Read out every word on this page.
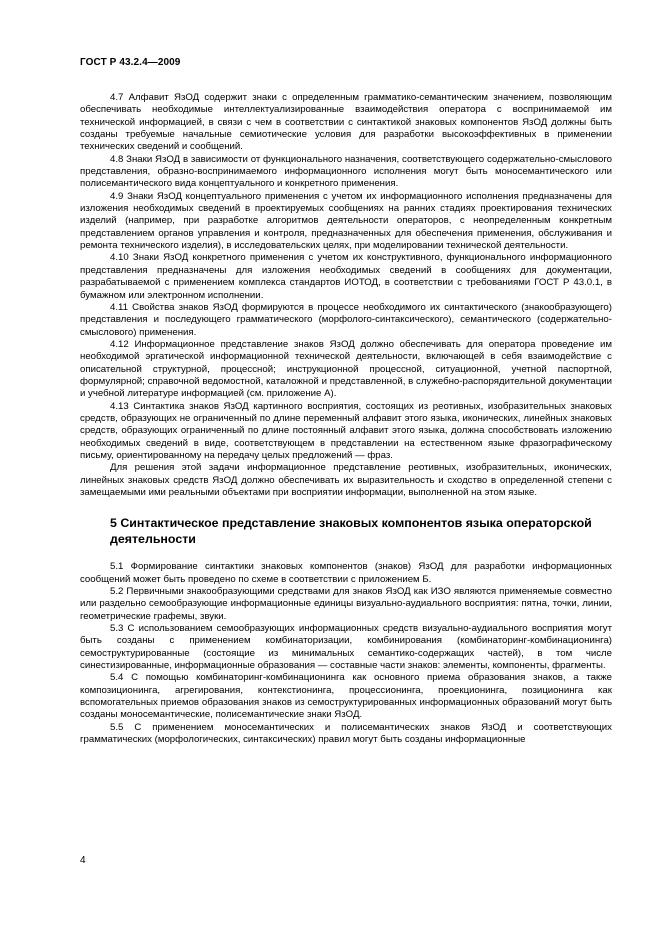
ГОСТ Р 43.2.4—2009

4.7 Алфавит ЯзОД содержит знаки с определенным грамматико-семантическим значением, позволяющим обеспечивать необходимые интеллектуализированные взаимодействия оператора с воспринимаемой им технической информацией, в связи с чем в соответствии с синтактикой знаковых компонентов ЯзОД должны быть созданы требуемые начальные семиотические условия для разработки высокоэффективных в применении технических сведений и сообщений.

4.8 Знаки ЯзОД в зависимости от функционального назначения, соответствующего содержательно-смыслового представления, образно-воспринимаемого информационного исполнения могут быть моносемантического или полисемантического вида концептуального и конкретного применения.

4.9 Знаки ЯзОД концептуального применения с учетом их информационного исполнения предназначены для изложения необходимых сведений в проектируемых сообщениях на ранних стадиях проектирования технических изделий (например, при разработке алгоритмов деятельности операторов, с неопределенным конкретным представлением органов управления и контроля, предназначенных для обеспечения применения, обслуживания и ремонта технического изделия), в исследовательских целях, при моделировании технической деятельности.

4.10 Знаки ЯзОД конкретного применения с учетом их конструктивного, функционального информационного представления предназначены для изложения необходимых сведений в сообщениях для документации, разрабатываемой с применением комплекса стандартов ИОТОД, в соответствии с требованиями ГОСТ Р 43.0.1, в бумажном или электронном исполнении.

4.11 Свойства знаков ЯзОД формируются в процессе необходимого их синтактического (знакообразующего) представления и последующего грамматического (морфолого-синтаксического), семантического (содержательно-смыслового) применения.

4.12 Информационное представление знаков ЯзОД должно обеспечивать для оператора проведение им необходимой эргатической информационной технической деятельности, включающей в себя взаимодействие с описательной структурной, процессной; инструкционной процессной, ситуационной, учетной паспортной, формулярной; справочной ведомостной, каталожной и представленной, в служебно-распорядительной документации и учебной литературе информацией (см. приложение А).

4.13 Синтактика знаков ЯзОД картинного восприятия, состоящих из реотивных, изобразительных знаковых средств, образующих не ограниченный по длине переменный алфавит этого языка, иконических, линейных знаковых средств, образующих ограниченный по длине постоянный алфавит этого языка, должна способствовать изложению необходимых сведений в виде, соответствующем в представлении на естественном языке фразографическому письму, ориентированному на передачу целых предложений — фраз.

Для решения этой задачи информационное представление реотивных, изобразительных, иконических, линейных знаковых средств ЯзОД должно обеспечивать их выразительность и сходство в определенной степени с замещаемыми ими реальными объектами при восприятии информации, выполненной на этом языке.

5 Синтактическое представление знаковых компонентов языка операторской деятельности

5.1 Формирование синтактики знаковых компонентов (знаков) ЯзОД для разработки информационных сообщений может быть проведено по схеме в соответствии с приложением Б.

5.2 Первичными знакообразующими средствами для знаков ЯзОД как ИЗО являются применяемые совместно или раздельно семообразующие информационные единицы визуально-аудиального восприятия: пятна, точки, линии, геометрические графемы, звуки.

5.3 С использованием семообразующих информационных средств визуально-аудиального восприятия могут быть созданы с применением комбинаторизации, комбинирования (комбинаторинг-комбинационинга) семоструктурированные (состоящие из минимальных семантико-содержащих частей), в том числе синестизированные, информационные образования — составные части знаков: элементы, компоненты, фрагменты.

5.4 С помощью комбинаторинг-комбинационинга как основного приема образования знаков, а также композиционинга, агрегирования, контекстионинга, процессионинга, проекционинга, позиционинга как вспомогательных приемов образования знаков из семоструктурированных информационных образований могут быть созданы моносемантические, полисемантические знаки ЯзОД.

5.5 С применением моносемантических и полисемантических знаков ЯзОД и соответствующих грамматических (морфологических, синтаксических) правил могут быть созданы информационные

4
